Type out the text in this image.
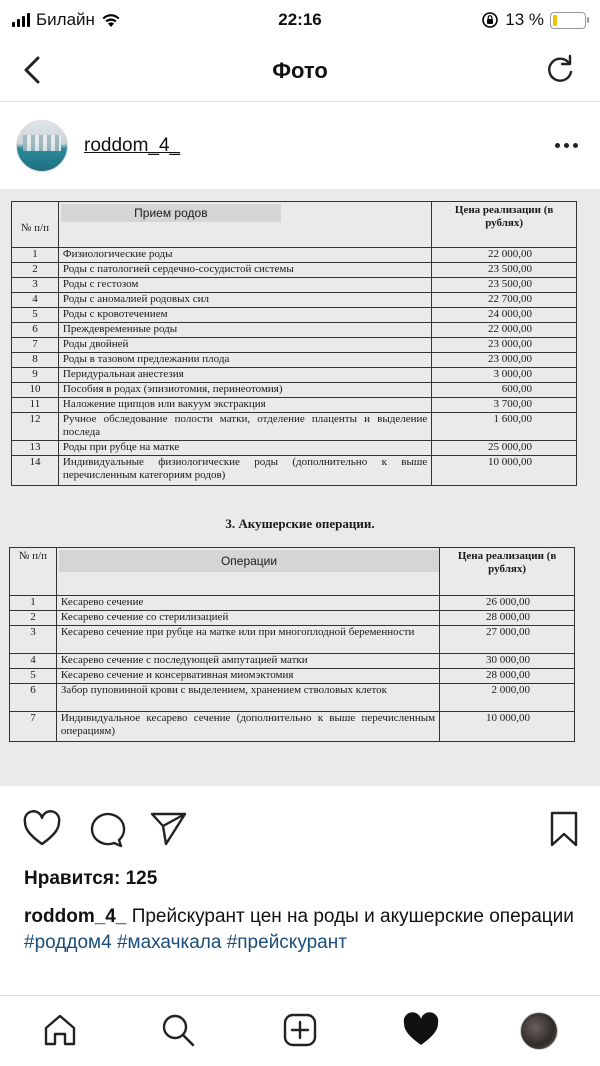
Билайн	22:16	13 %
Фото
roddom_4_
№ п/п	Прием родов	Цена реализации (в рублях)
1	Физиологические роды	22 000,00
2	Роды с патологией сердечно-сосудистой системы	23 500,00
3	Роды с гестозом	23 500,00
4	Роды с аномалией родовых сил	22 700,00
5	Роды с кровотечением	24 000,00
6	Преждевременные роды	22 000,00
7	Роды двойней	23 000,00
8	Роды в тазовом предлежании плода	23 000,00
9	Перидуральная анестезия	3 000,00
10	Пособия в родах (эпизиотомия, перинеотомия)	600,00
11	Наложение щипцов или вакуум экстракция	3 700,00
12	Ручное обследование полости матки, отделение плаценты и выделение последа	1 600,00
13	Роды при рубце на матке	25 000,00
14	Индивидуальные физиологические роды (дополнительно к выше перечисленным категориям родов)	10 000,00
3. Акушерские операции.
№ п/п	Операции	Цена реализации (в рублях)
1	Кесарево сечение	26 000,00
2	Кесарево сечение со стерилизацией	28 000,00
3	Кесарево сечение при рубце на матке или при многоплодной беременности	27 000,00
4	Кесарево сечение с последующей ампутацией матки	30 000,00
5	Кесарево сечение и консервативная миомэктомия	28 000,00
6	Забор пуповинной крови с выделением, хранением стволовых клеток	2 000,00
7	Индивидуальное кесарево сечение (дополнительно к выше перечисленным операциям)	10 000,00
Нравится: 125
roddom_4_ Прейскурант цен на роды и акушерские операции #роддом4 #махачкала #прейскурант
